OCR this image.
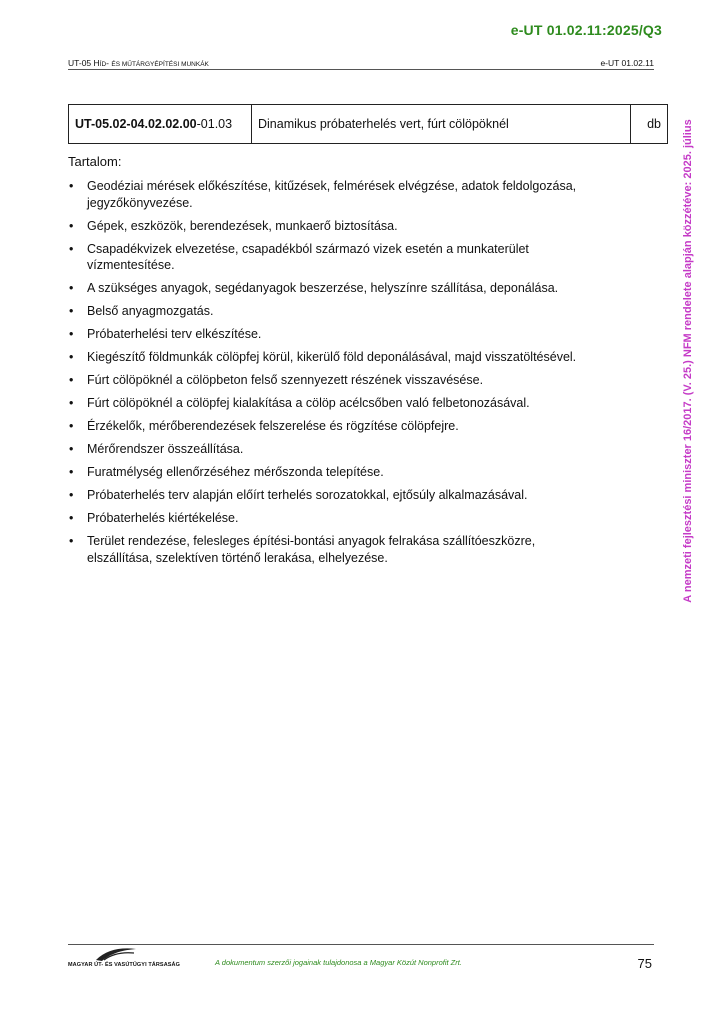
e-UT 01.02.11:2025/Q3
UT-05 HÍD- ÉS MŰTÁRGYÉPÍTÉSI MUNKÁK	e-UT 01.02.11
UT-05.02-04.02.02.00-01.03	Dinamikus próbaterhelés vert, fúrt cölöpöknél	db
Tartalom:
• Geodéziai mérések előkészítése, kitűzések, felmérések elvégzése, adatok feldolgozása, jegyzőkönyvezése.
• Gépek, eszközök, berendezések, munkaerő biztosítása.
• Csapadékvizek elvezetése, csapadékból származó vizek esetén a munkaterület vízmentesítése.
• A szükséges anyagok, segédanyagok beszerzése, helyszínre szállítása, deponálása.
• Belső anyagmozgatás.
• Próbaterhelési terv elkészítése.
• Kiegészítő földmunkák cölöpfej körül, kikerülő föld deponálásával, majd visszatöltésével.
• Fúrt cölöpöknél a cölöpbeton felső szennyezett részének visszavésése.
• Fúrt cölöpöknél a cölöpfej kialakítása a cölöp acélcsőben való felbetonozásával.
• Érzékelők, mérőberendezések felszerelése és rögzítése cölöpfejre.
• Mérőrendszer összeállítása.
• Furatmélység ellenőrzéséhez mérőszonda telepítése.
• Próbaterhelés terv alapján előírt terhelés sorozatokkal, ejtősúly alkalmazásával.
• Próbaterhelés kiértékelése.
• Terület rendezése, felesleges építési-bontási anyagok felrakása szállítóeszközre, elszállítása, szelektíven történő lerakása, elhelyezése.	A nemzeti fejlesztési miniszter 16/2017. (V. 25.) NFM rendelete alapján közzétéve: 2025. július
MAGYAR ÚT- ÉS VASÚTÜGYI TÁRSASÁG	A dokumentum szerzői jogainak tulajdonosa a Magyar Közút Nonprofit Zrt.	75
